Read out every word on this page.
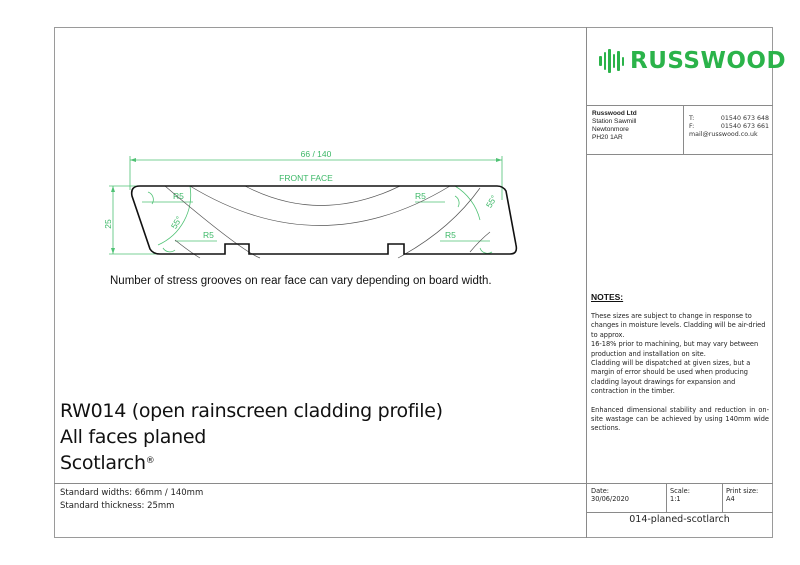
66 / 140
FRONT FACE
25
R5
R5
R5
R5
55°
55°
Number of stress grooves on rear face can vary depending on board width.
RW014 (open rainscreen cladding profile)
All faces planed
Scotlarch®
Standard widths: 66mm / 140mm
Standard thickness: 25mm
RUSSWOOD
Russwood Ltd
Station Sawmill
Newtonmore
PH20 1AR
T:	01540 673 648
F:	01540 673 661
mail@russwood.co.uk
NOTES:

These sizes are subject to change in response to changes in moisture levels. Cladding will be air-dried to approx.

16-18% prior to machining, but may vary between production and installation on site.

Cladding will be dispatched at given sizes, but a margin of error should be used when producing cladding layout drawings for expansion and contraction in the timber.

Enhanced dimensional stability and reduction in on-site wastage can be achieved by using 140mm wide sections.

Date:
30/06/2020
Scale:
1:1
Print size:
A4
014-planed-scotlarch
